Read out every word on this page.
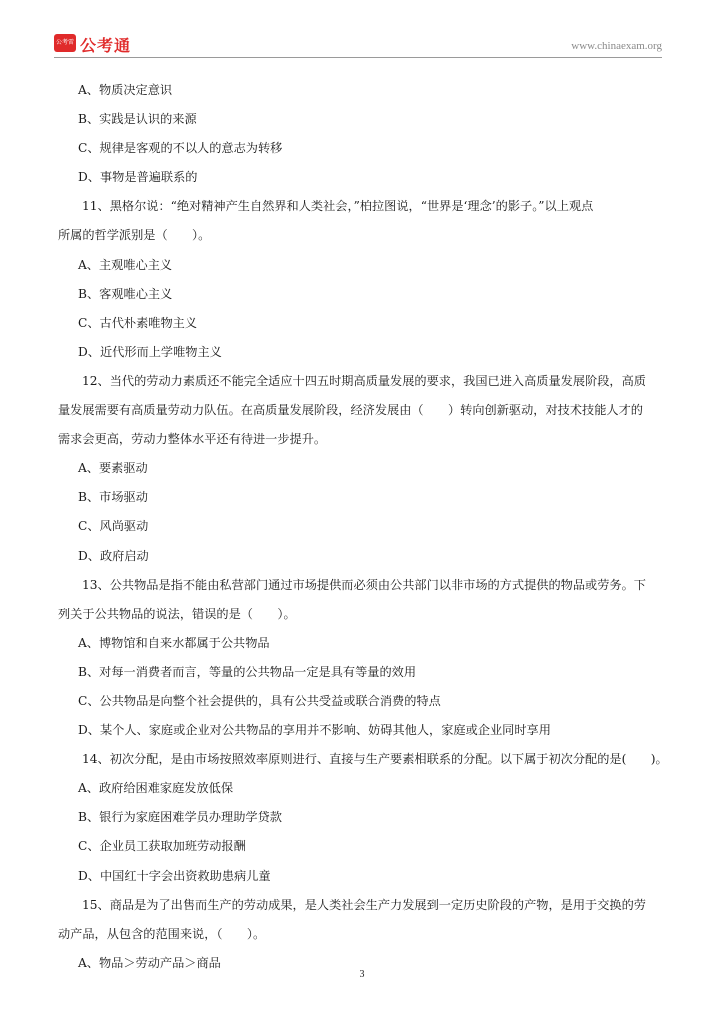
公考雷 公考通	www.chinaexam.org

A、物质决定意识

B、实践是认识的来源

C、规律是客观的不以人的意志为转移

D、事物是普遍联系的

11、黑格尔说：“绝对精神产生自然界和人类社会，”柏拉图说，“世界是‘理念’的影子。”以上观点

所属的哲学派别是（　　）。

A、主观唯心主义

B、客观唯心主义

C、古代朴素唯物主义

D、近代形而上学唯物主义

12、当代的劳动力素质还不能完全适应十四五时期高质量发展的要求，我国已进入高质量发展阶段，高质

量发展需要有高质量劳动力队伍。在高质量发展阶段，经济发展由（　　）转向创新驱动，对技术技能人才的

需求会更高，劳动力整体水平还有待进一步提升。

A、要素驱动

B、市场驱动

C、风尚驱动

D、政府启动

13、公共物品是指不能由私营部门通过市场提供而必须由公共部门以非市场的方式提供的物品或劳务。下

列关于公共物品的说法，错误的是（　　）。

A、博物馆和自来水都属于公共物品

B、对每一消费者而言，等量的公共物品一定是具有等量的效用

C、公共物品是向整个社会提供的，具有公共受益或联合消费的特点

D、某个人、家庭或企业对公共物品的享用并不影响、妨碍其他人，家庭或企业同时享用

14、初次分配，是由市场按照效率原则进行、直接与生产要素相联系的分配。以下属于初次分配的是(　　)。

A、政府给困难家庭发放低保

B、银行为家庭困难学员办理助学贷款

C、企业员工获取加班劳动报酬

D、中国红十字会出资救助患病儿童

15、商品是为了出售而生产的劳动成果，是人类社会生产力发展到一定历史阶段的产物，是用于交换的劳

动产品，从包含的范围来说，（　　）。

A、物品＞劳动产品＞商品

3
